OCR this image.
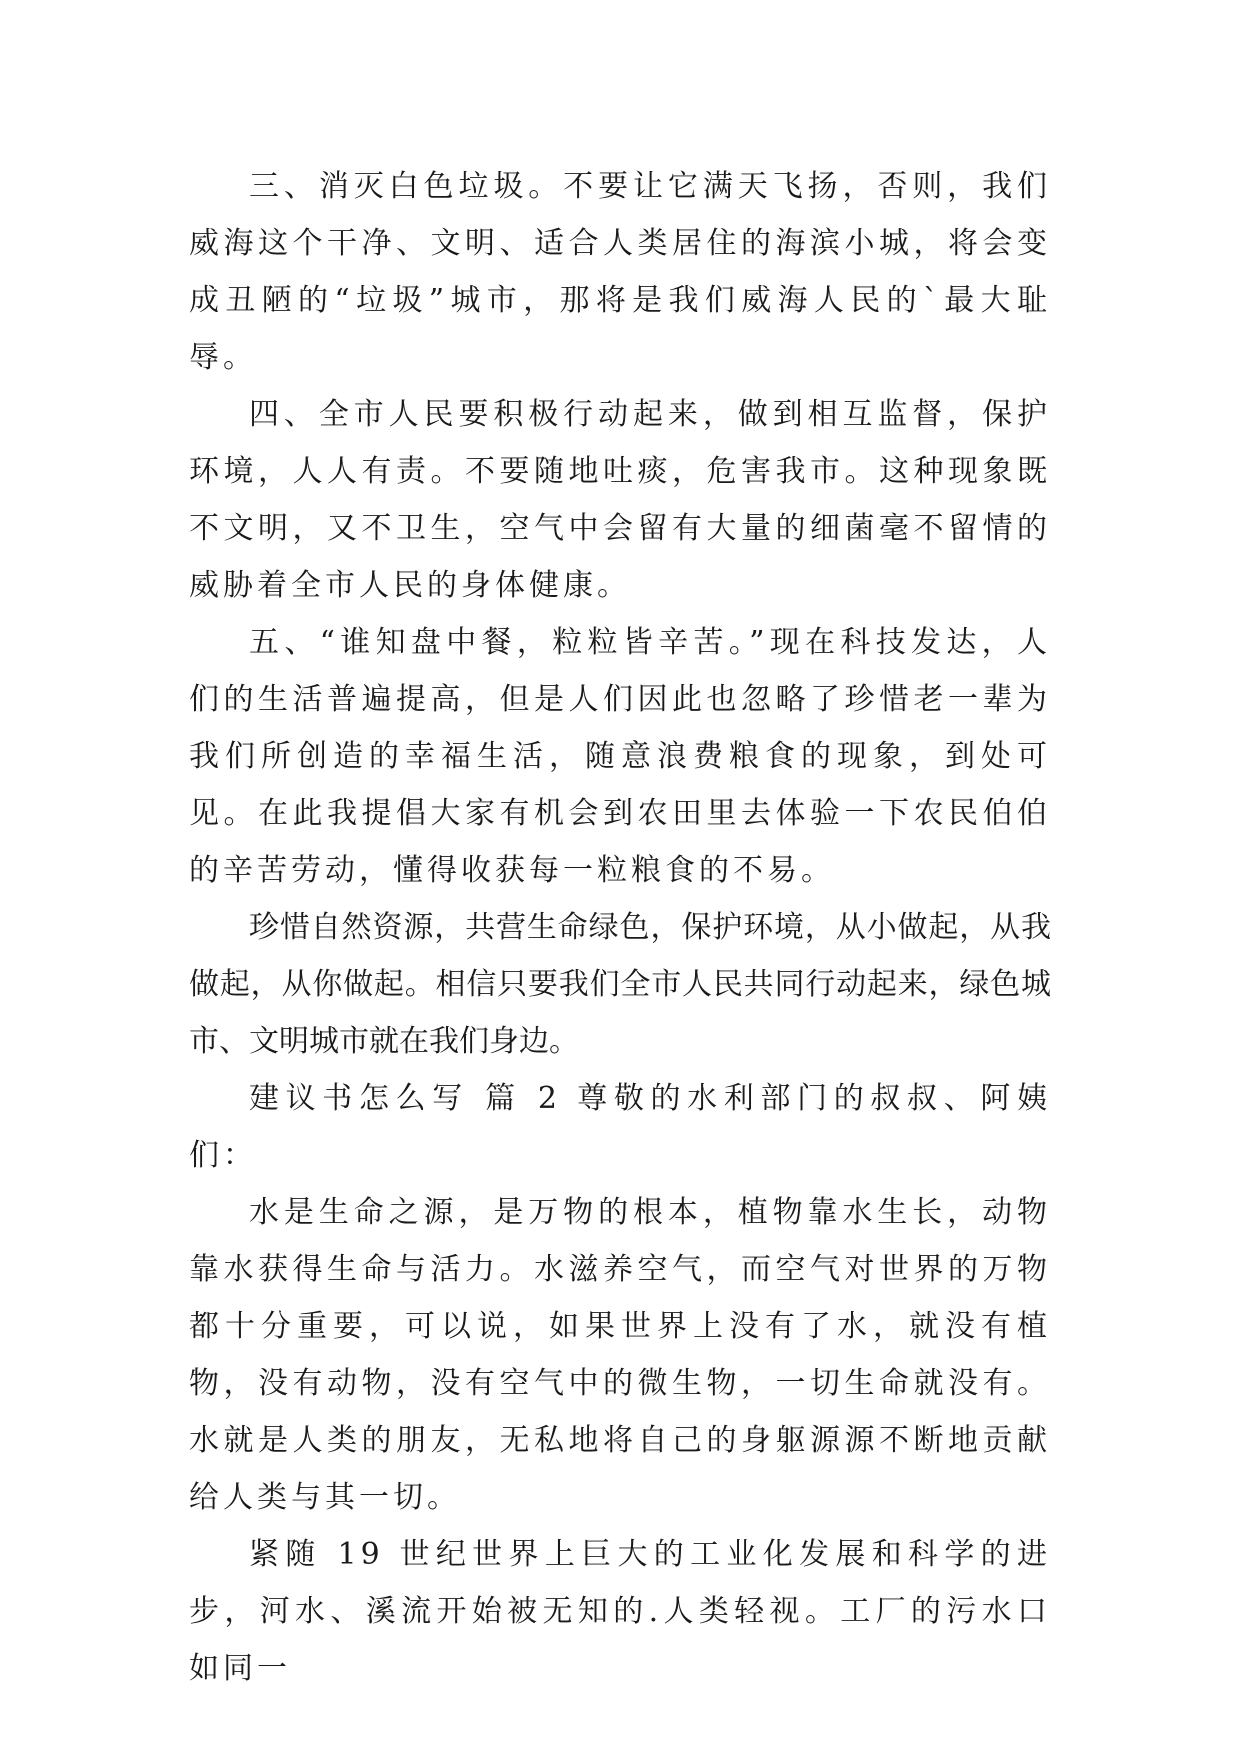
三、消灭白色垃圾。不要让它满天飞扬，否则，我们威海这个干净、文明、适合人类居住的海滨小城，将会变成丑陋的“垃圾”城市，那将是我们威海人民的`最大耻辱。

四、全市人民要积极行动起来，做到相互监督，保护环境，人人有责。不要随地吐痰，危害我市。这种现象既不文明，又不卫生，空气中会留有大量的细菌毫不留情的威胁着全市人民的身体健康。

五、“谁知盘中餐，粒粒皆辛苦。”现在科技发达，人们的生活普遍提高，但是人们因此也忽略了珍惜老一辈为我们所创造的幸福生活，随意浪费粮食的现象，到处可见。在此我提倡大家有机会到农田里去体验一下农民伯伯的辛苦劳动，懂得收获每一粒粮食的不易。

珍惜自然资源，共营生命绿色，保护环境，从小做起，从我做起，从你做起。相信只要我们全市人民共同行动起来，绿色城市、文明城市就在我们身边。

建议书怎么写 篇 2 尊敬的水利部门的叔叔、阿姨们：

水是生命之源，是万物的根本，植物靠水生长，动物靠水获得生命与活力。水滋养空气，而空气对世界的万物都十分重要，可以说，如果世界上没有了水，就没有植物，没有动物，没有空气中的微生物，一切生命就没有。水就是人类的朋友，无私地将自己的身躯源源不断地贡献给人类与其一切。

紧随 19 世纪世界上巨大的工业化发展和科学的进步，河水、溪流开始被无知的.人类轻视。工厂的污水口如同一
